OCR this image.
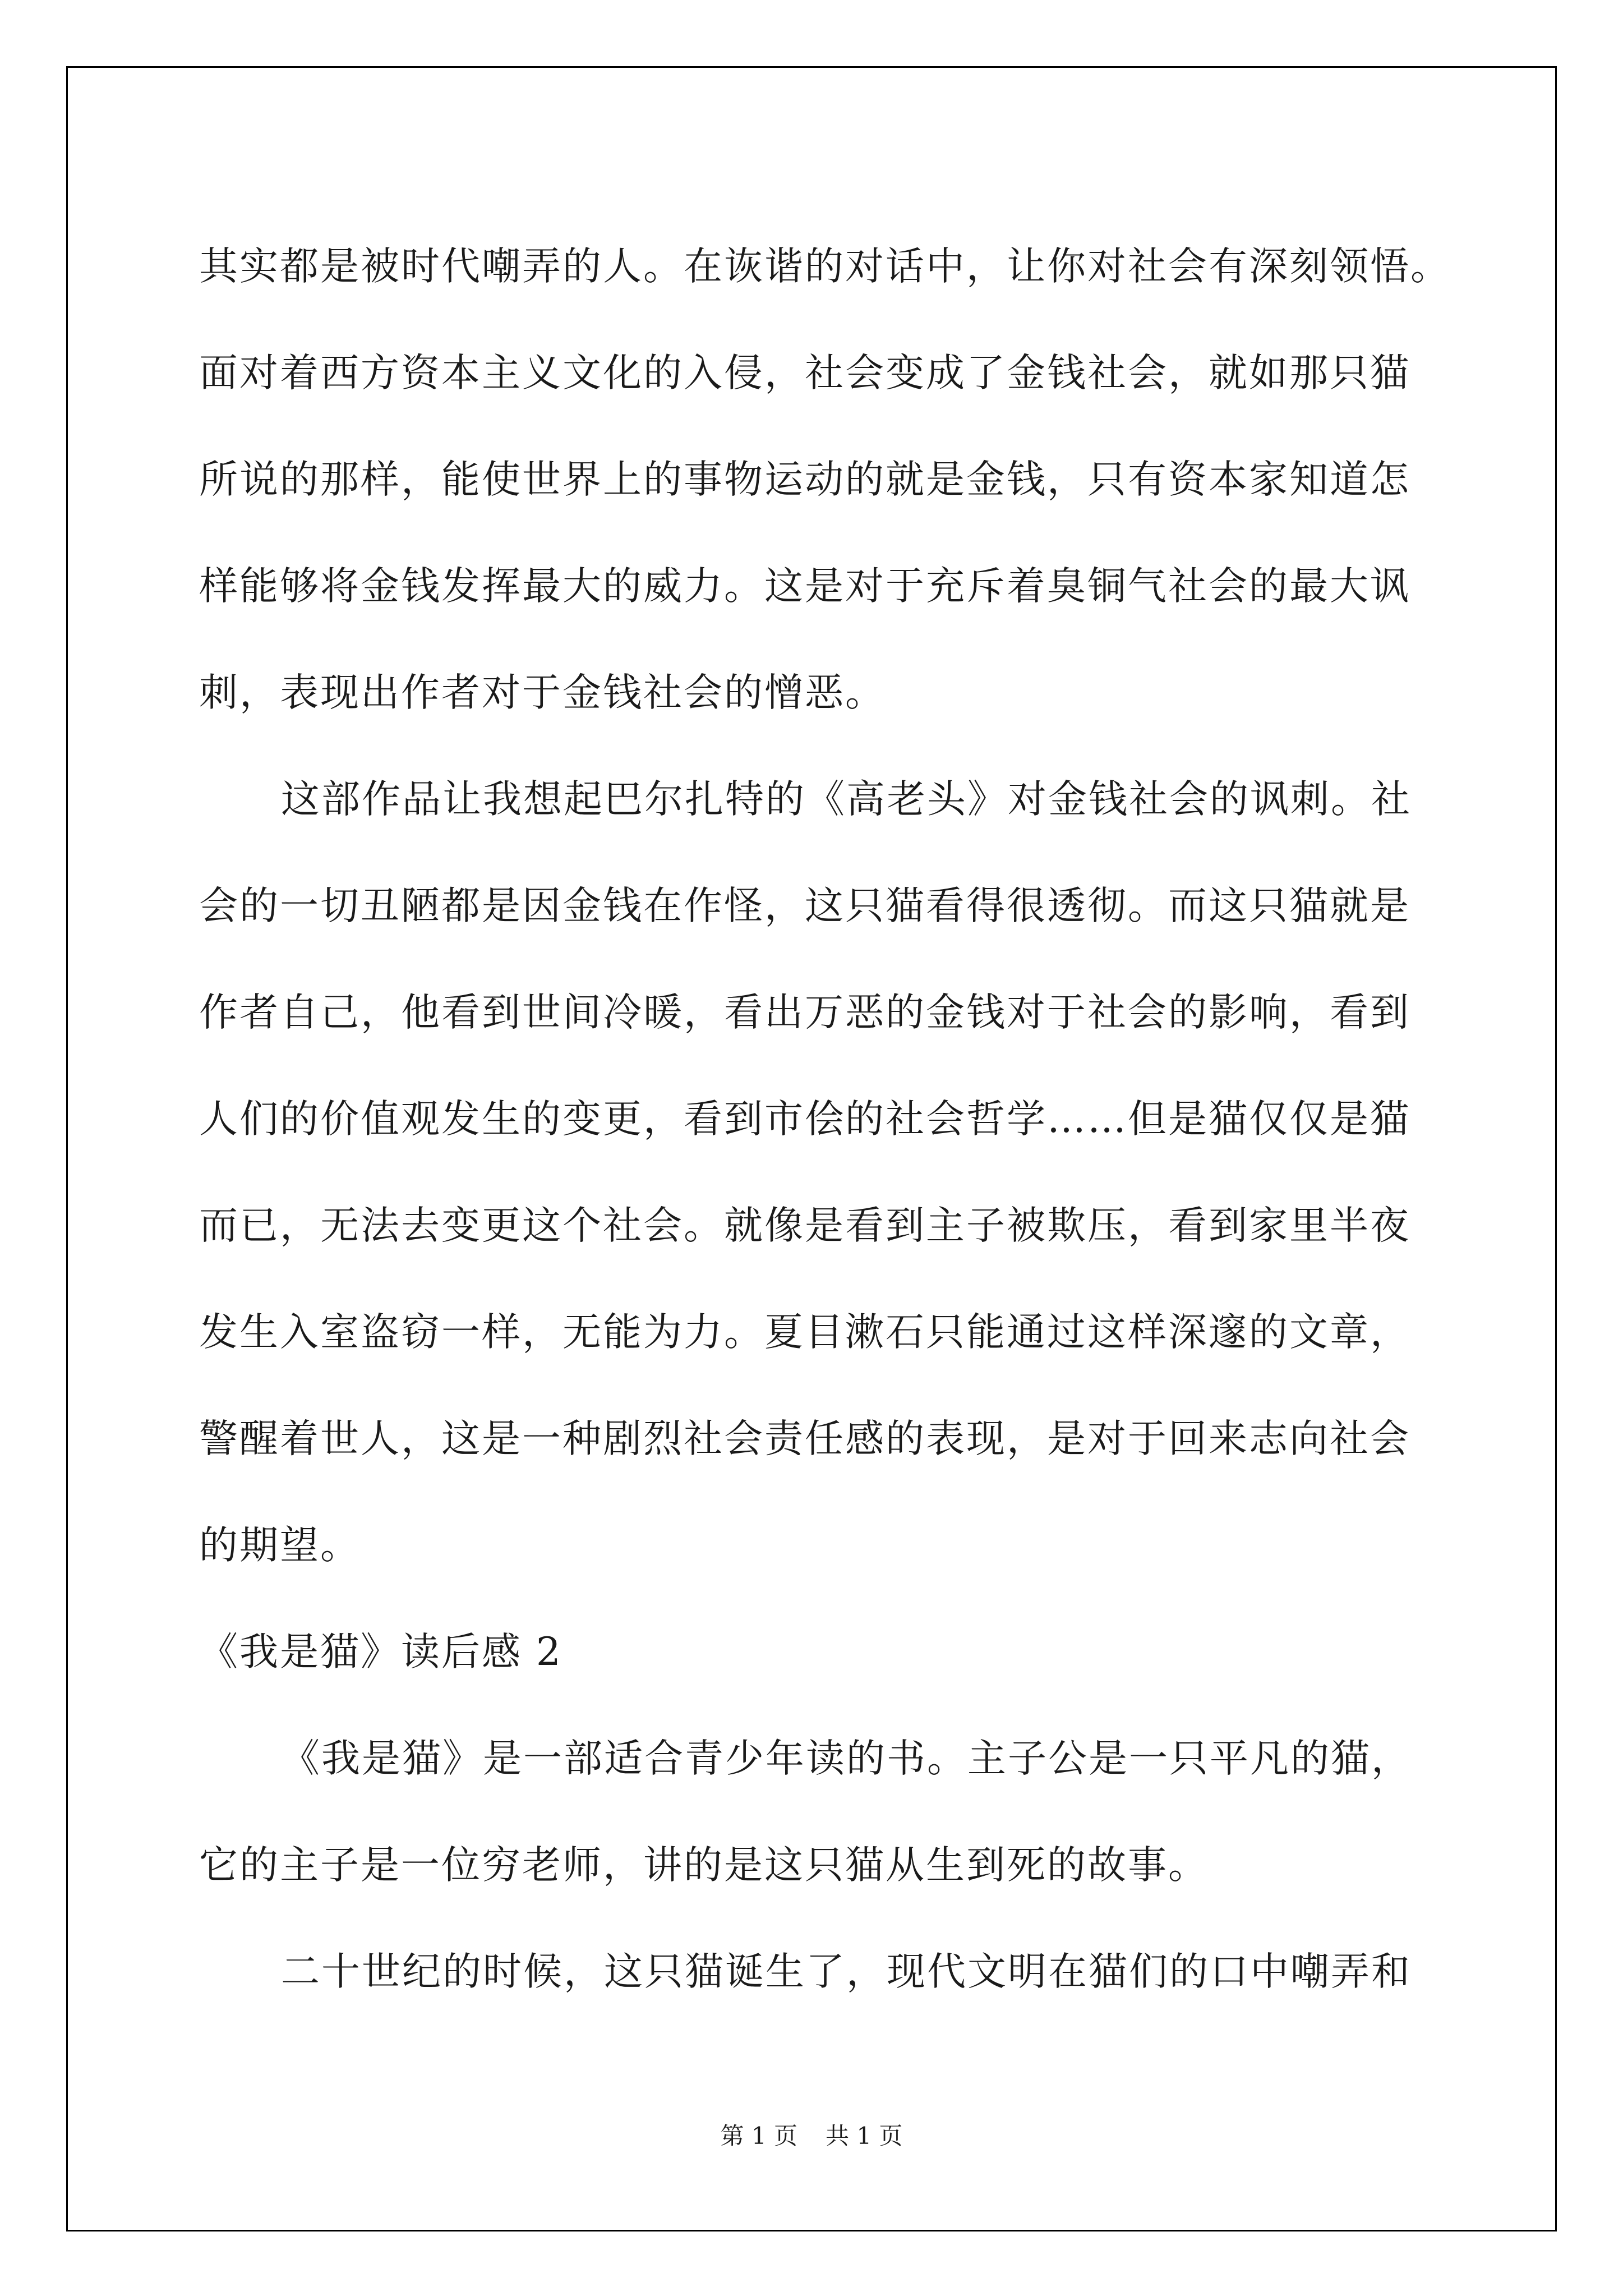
其实都是被时代嘲弄的人。在诙谐的对话中，让你对社会有深刻领悟。
面对着西方资本主义文化的入侵，社会变成了金钱社会，就如那只猫
所说的那样，能使世界上的事物运动的就是金钱，只有资本家知道怎
样能够将金钱发挥最大的威力。这是对于充斥着臭铜气社会的最大讽
刺，表现出作者对于金钱社会的憎恶。
这部作品让我想起巴尔扎特的《高老头》对金钱社会的讽刺。社
会的一切丑陋都是因金钱在作怪，这只猫看得很透彻。而这只猫就是
作者自己，他看到世间冷暖，看出万恶的金钱对于社会的影响，看到
人们的价值观发生的变更，看到市侩的社会哲学……但是猫仅仅是猫
而已，无法去变更这个社会。就像是看到主子被欺压，看到家里半夜
发生入室盗窃一样，无能为力。夏目漱石只能通过这样深邃的文章，
警醒着世人，这是一种剧烈社会责任感的表现，是对于回来志向社会
的期望。
《我是猫》读后感 2
《我是猫》是一部适合青少年读的书。主子公是一只平凡的猫，
它的主子是一位穷老师，讲的是这只猫从生到死的故事。
二十世纪的时候，这只猫诞生了，现代文明在猫们的口中嘲弄和
第 1 页 共 1 页
